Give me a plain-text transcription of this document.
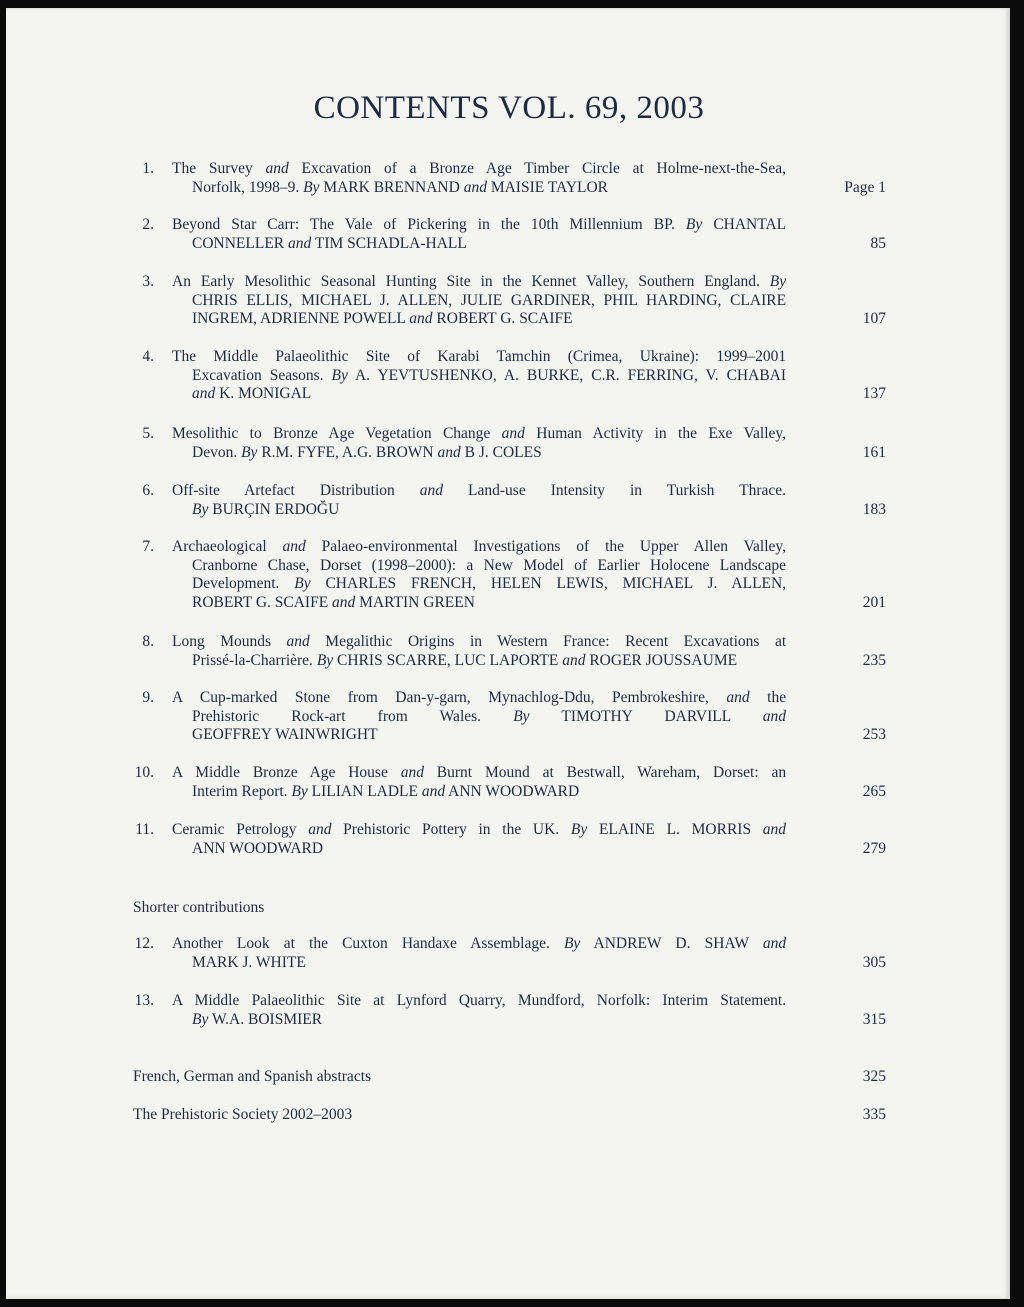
CONTENTS VOL. 69, 2003
1. The Survey and Excavation of a Bronze Age Timber Circle at Holme-next-the-Sea,
Norfolk, 1998–9. By MARK BRENNAND and MAISIE TAYLOR	Page 1
2. Beyond Star Carr: The Vale of Pickering in the 10th Millennium BP. By CHANTAL
CONNELLER and TIM SCHADLA-HALL	85
3. An Early Mesolithic Seasonal Hunting Site in the Kennet Valley, Southern England. By
CHRIS ELLIS, MICHAEL J. ALLEN, JULIE GARDINER, PHIL HARDING, CLAIRE
INGREM, ADRIENNE POWELL and ROBERT G. SCAIFE	107
4. The Middle Palaeolithic Site of Karabi Tamchin (Crimea, Ukraine): 1999–2001
Excavation Seasons. By A. YEVTUSHENKO, A. BURKE, C.R. FERRING, V. CHABAI
and K. MONIGAL	137
5. Mesolithic to Bronze Age Vegetation Change and Human Activity in the Exe Valley,
Devon. By R.M. FYFE, A.G. BROWN and B J. COLES	161
6. Off-site Artefact Distribution and Land-use Intensity in Turkish Thrace.
By BURÇIN ERDOĞU	183
7. Archaeological and Palaeo-environmental Investigations of the Upper Allen Valley,
Cranborne Chase, Dorset (1998–2000): a New Model of Earlier Holocene Landscape
Development. By CHARLES FRENCH, HELEN LEWIS, MICHAEL J. ALLEN,
ROBERT G. SCAIFE and MARTIN GREEN	201
8. Long Mounds and Megalithic Origins in Western France: Recent Excavations at
Prissé-la-Charrière. By CHRIS SCARRE, LUC LAPORTE and ROGER JOUSSAUME	235
9. A Cup-marked Stone from Dan-y-garn, Mynachlog-Ddu, Pembrokeshire, and the
Prehistoric Rock-art from Wales. By TIMOTHY DARVILL and
GEOFFREY WAINWRIGHT	253
10. A Middle Bronze Age House and Burnt Mound at Bestwall, Wareham, Dorset: an
Interim Report. By LILIAN LADLE and ANN WOODWARD	265
11. Ceramic Petrology and Prehistoric Pottery in the UK. By ELAINE L. MORRIS and
ANN WOODWARD	279
Shorter contributions
12. Another Look at the Cuxton Handaxe Assemblage. By ANDREW D. SHAW and
MARK J. WHITE	305
13. A Middle Palaeolithic Site at Lynford Quarry, Mundford, Norfolk: Interim Statement.
By W.A. BOISMIER	315
French, German and Spanish abstracts	325
The Prehistoric Society 2002–2003	335
